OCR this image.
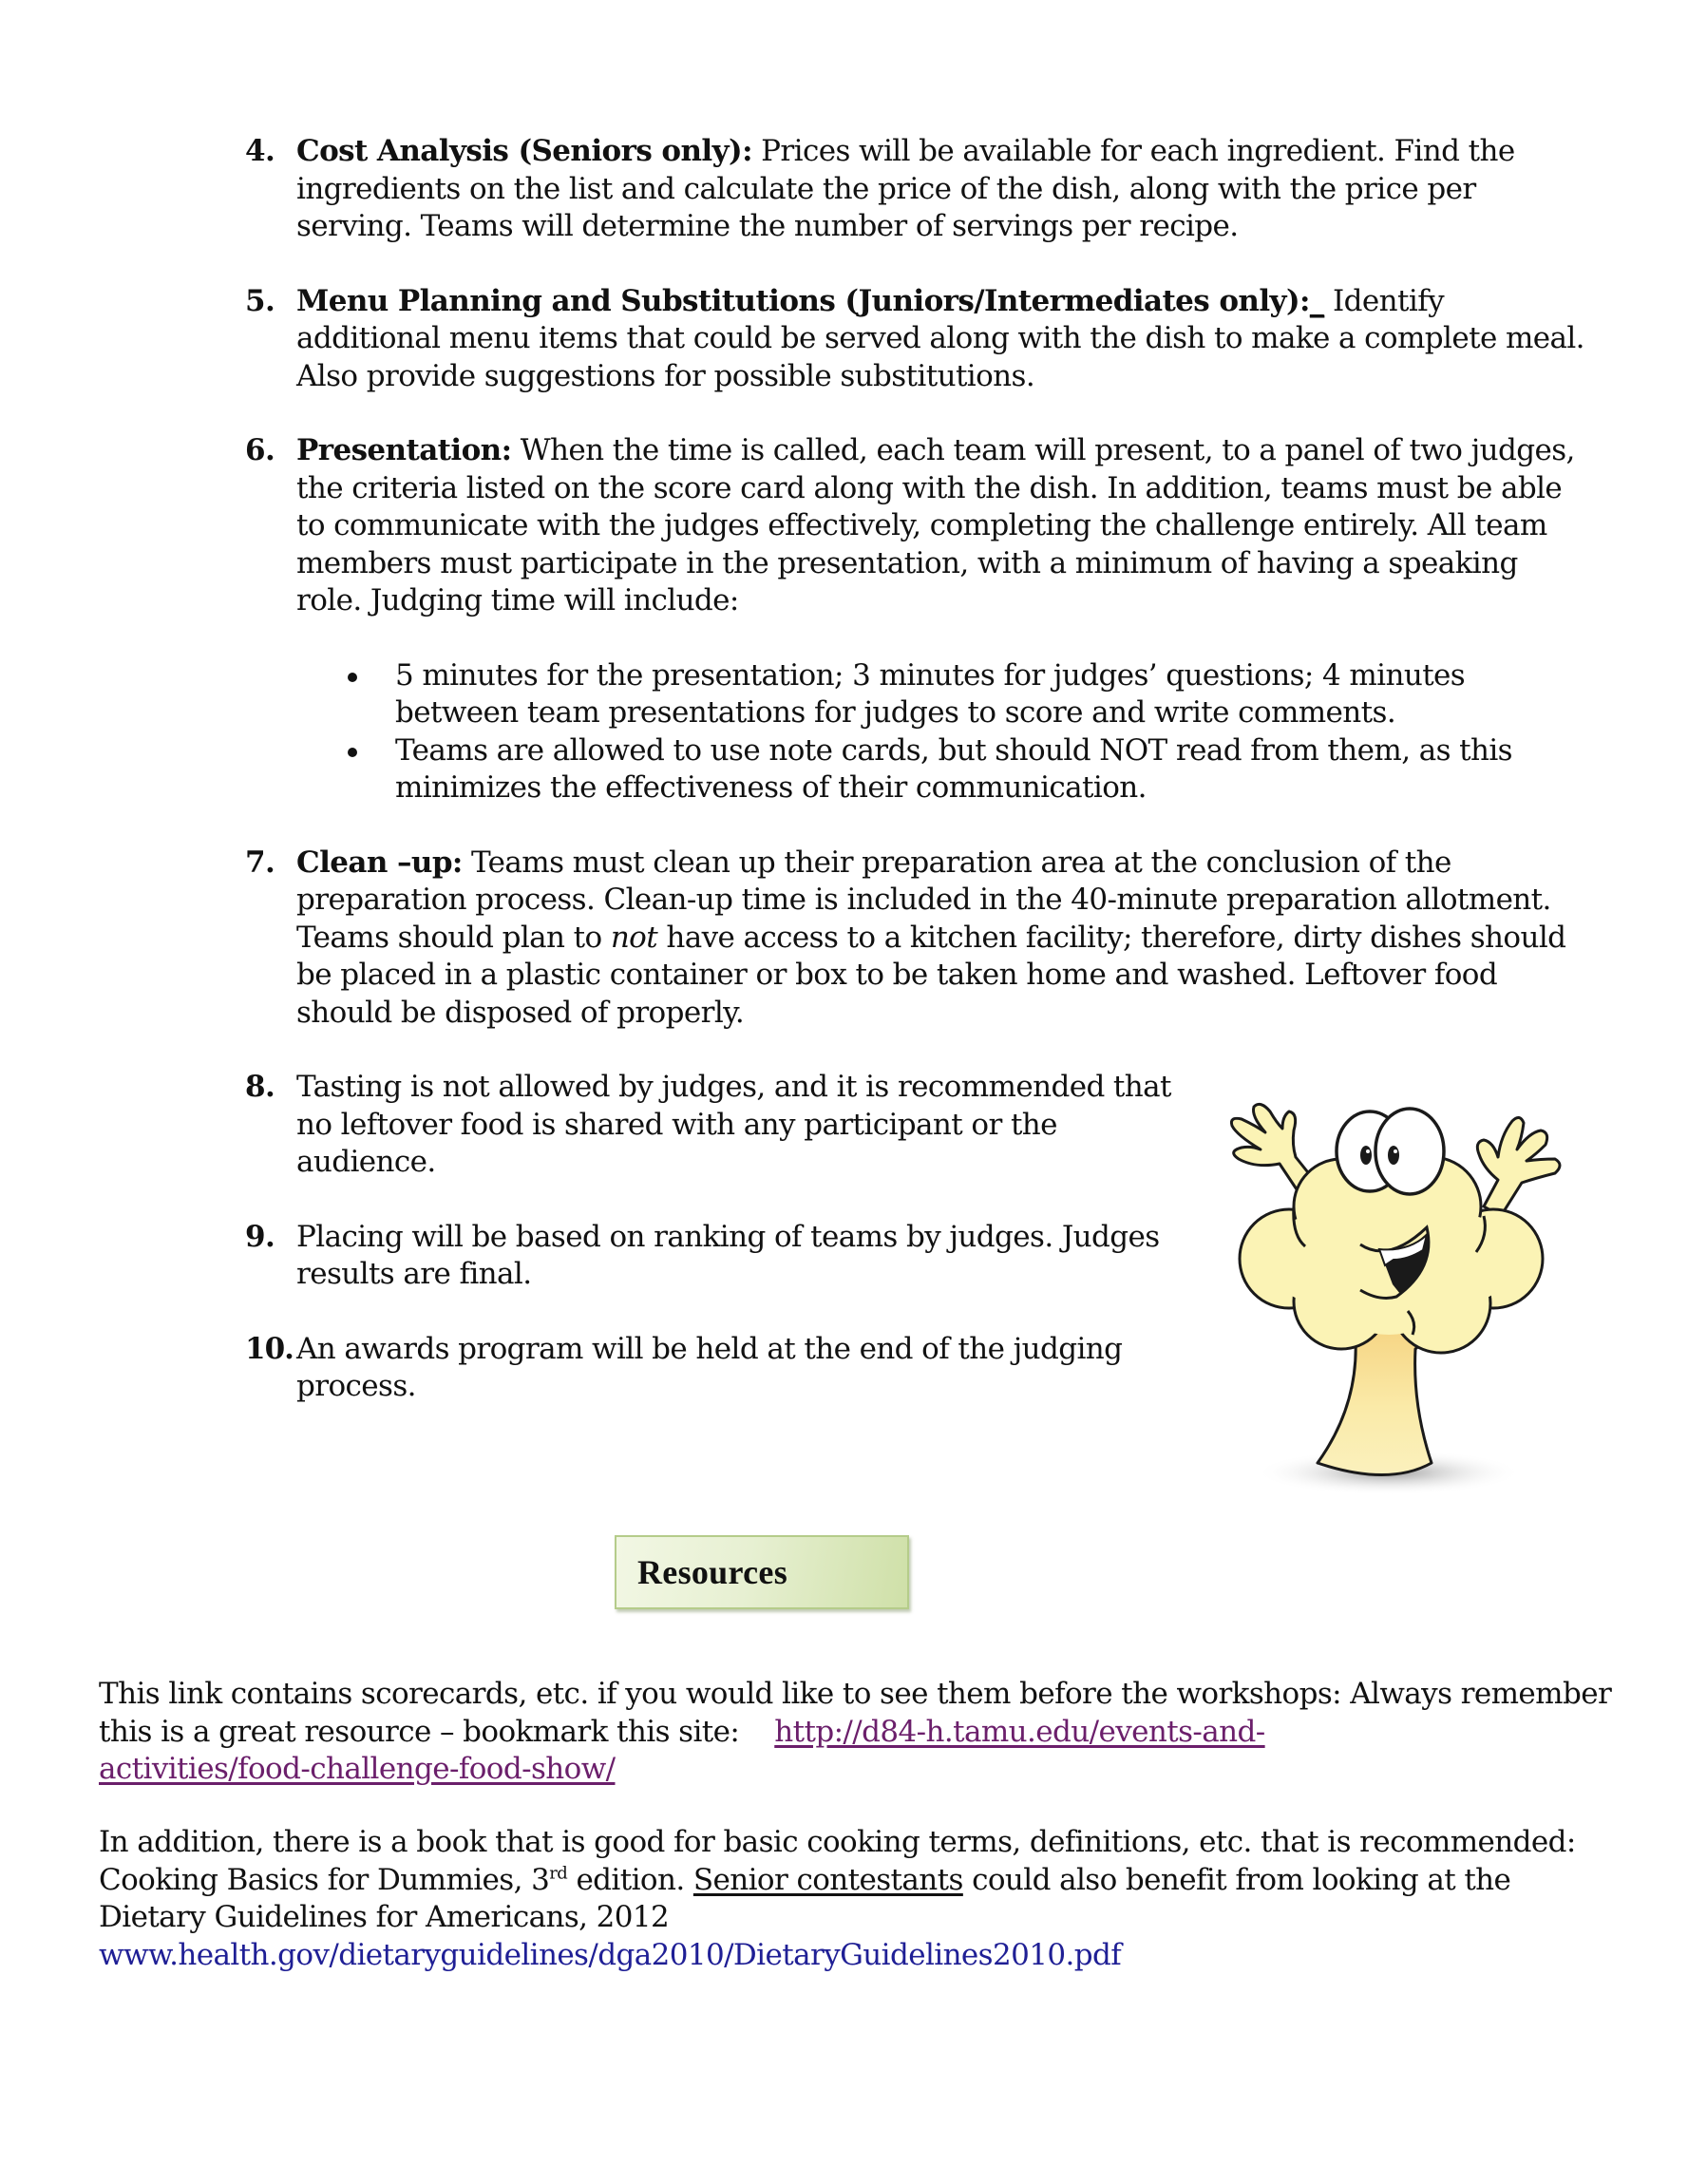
4. Cost Analysis (Seniors only): Prices will be available for each ingredient. Find the ingredients on the list and calculate the price of the dish, along with the price per serving. Teams will determine the number of servings per recipe.
5. Menu Planning and Substitutions (Juniors/Intermediates only):_ Identify additional menu items that could be served along with the dish to make a complete meal. Also provide suggestions for possible substitutions.
6. Presentation: When the time is called, each team will present, to a panel of two judges, the criteria listed on the score card along with the dish. In addition, teams must be able to communicate with the judges effectively, completing the challenge entirely. All team members must participate in the presentation, with a minimum of having a speaking role. Judging time will include:
5 minutes for the presentation; 3 minutes for judges’ questions; 4 minutes between team presentations for judges to score and write comments.
Teams are allowed to use note cards, but should NOT read from them, as this minimizes the effectiveness of their communication.
7. Clean –up: Teams must clean up their preparation area at the conclusion of the preparation process. Clean-up time is included in the 40-minute preparation allotment. Teams should plan to not have access to a kitchen facility; therefore, dirty dishes should be placed in a plastic container or box to be taken home and washed. Leftover food should be disposed of properly.
8. Tasting is not allowed by judges, and it is recommended that no leftover food is shared with any participant or the audience.
9. Placing will be based on ranking of teams by judges. Judges results are final.
10. An awards program will be held at the end of the judging process.
Resources
This link contains scorecards, etc. if you would like to see them before the workshops: Always remember this is a great resource – bookmark this site: http://d84-h.tamu.edu/events-and-
activities/food-challenge-food-show/
In addition, there is a book that is good for basic cooking terms, definitions, etc. that is recommended: Cooking Basics for Dummies, 3rd edition. Senior contestants could also benefit from looking at the Dietary Guidelines for Americans, 2012
www.health.gov/dietaryguidelines/dga2010/DietaryGuidelines2010.pdf
